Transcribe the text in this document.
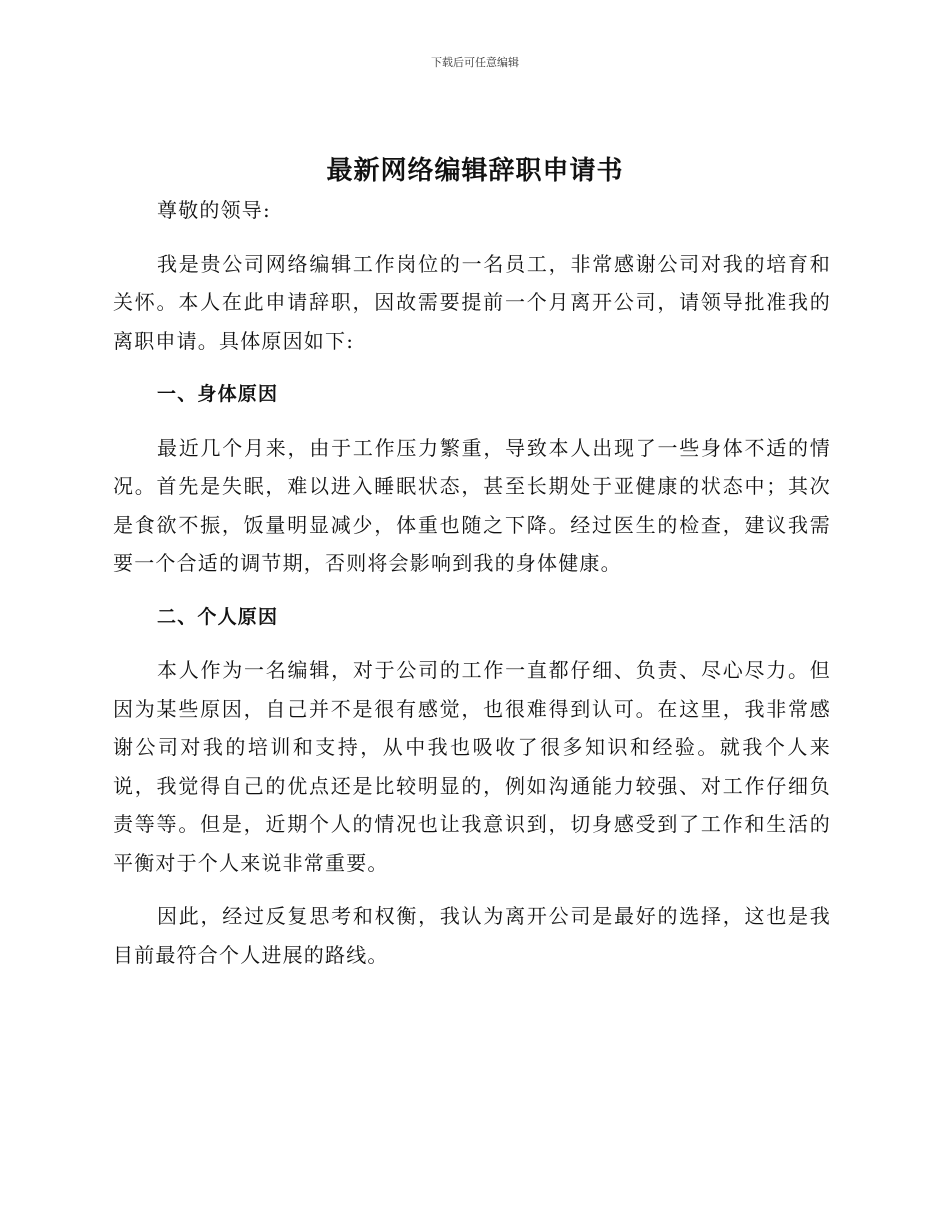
下载后可任意编辑
最新网络编辑辞职申请书

尊敬的领导:

我是贵公司网络编辑工作岗位的一名员工，非常感谢公司对我的培育和关怀。本人在此申请辞职，因故需要提前一个月离开公司，请领导批准我的离职申请。具体原因如下:

一、身体原因

最近几个月来，由于工作压力繁重，导致本人出现了一些身体不适的情况。首先是失眠，难以进入睡眠状态，甚至长期处于亚健康的状态中；其次是食欲不振，饭量明显减少，体重也随之下降。经过医生的检查，建议我需要一个合适的调节期，否则将会影响到我的身体健康。

二、个人原因

本人作为一名编辑，对于公司的工作一直都仔细、负责、尽心尽力。但因为某些原因，自己并不是很有感觉，也很难得到认可。在这里，我非常感谢公司对我的培训和支持，从中我也吸收了很多知识和经验。就我个人来说，我觉得自己的优点还是比较明显的，例如沟通能力较强、对工作仔细负责等等。但是，近期个人的情况也让我意识到，切身感受到了工作和生活的平衡对于个人来说非常重要。

因此，经过反复思考和权衡，我认为离开公司是最好的选择，这也是我目前最符合个人进展的路线。
